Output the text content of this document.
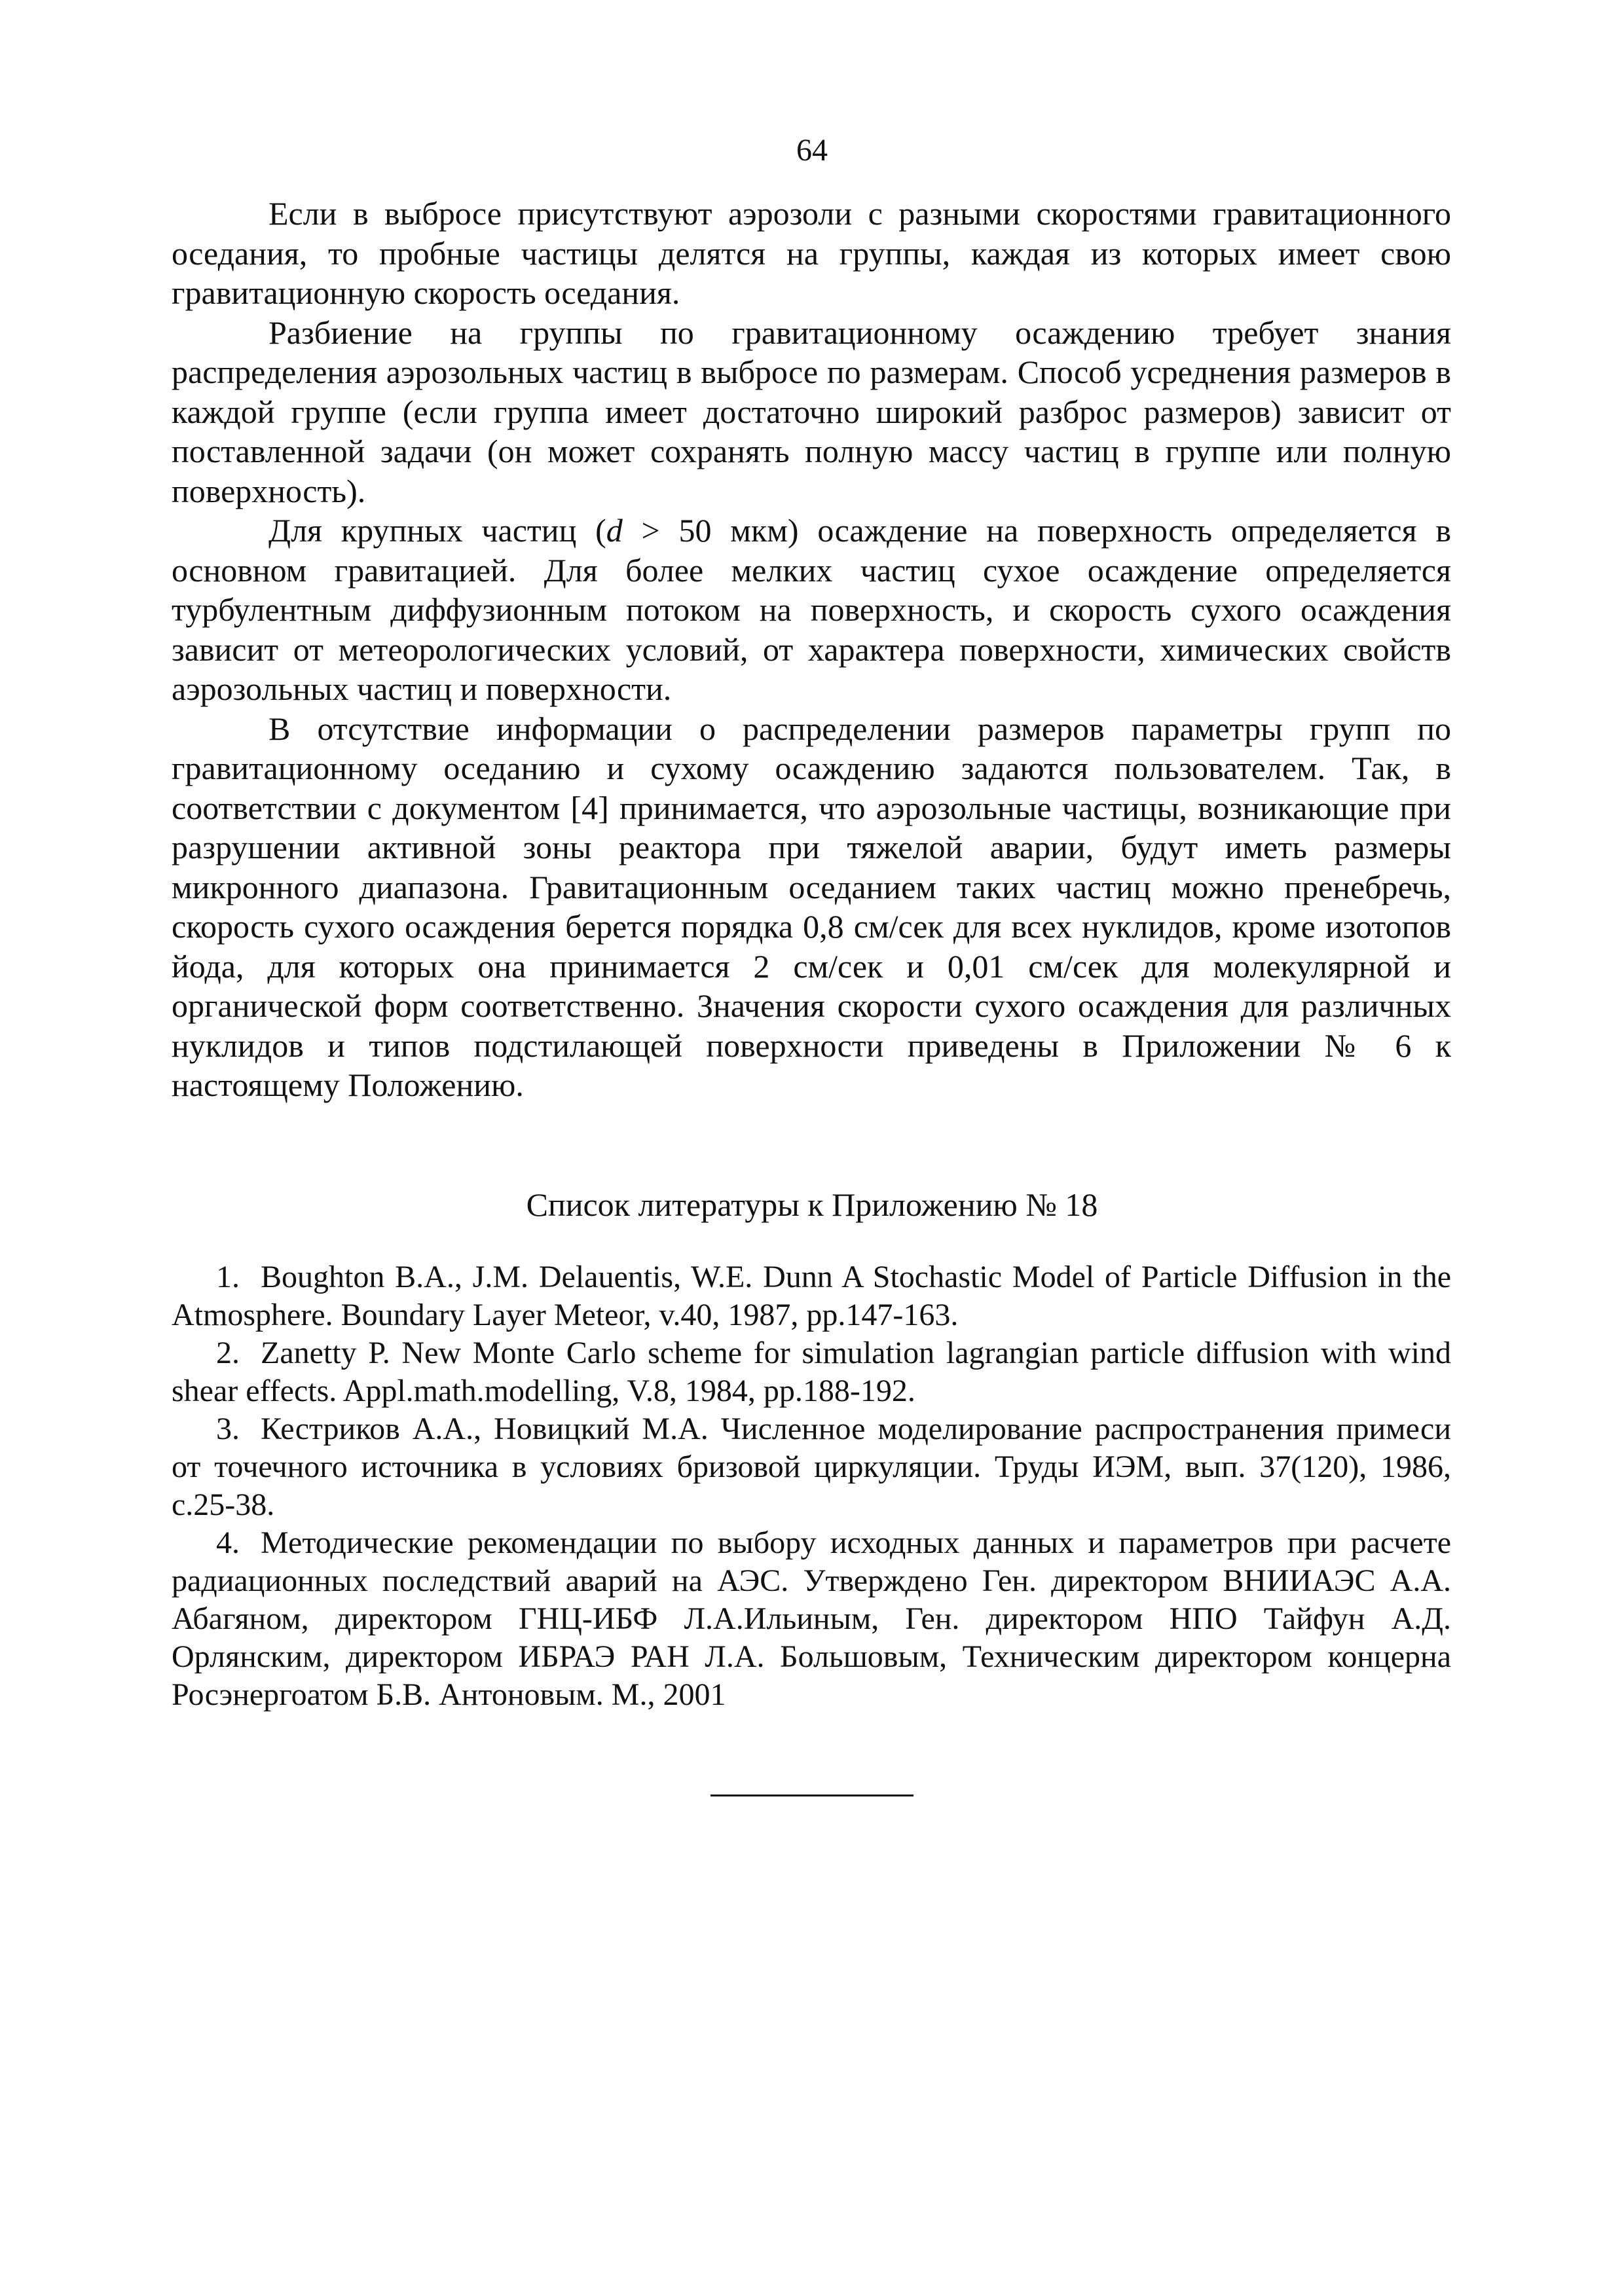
64

Если в выбросе присутствуют аэрозоли с разными скоростями гравитационного оседания, то пробные частицы делятся на группы, каждая из которых имеет свою гравитационную скорость оседания.

Разбиение на группы по гравитационному осаждению требует знания распределения аэрозольных частиц в выбросе по размерам. Способ усреднения размеров в каждой группе (если группа имеет достаточно широкий разброс размеров) зависит от поставленной задачи (он может сохранять полную массу частиц в группе или полную поверхность).

Для крупных частиц (d > 50 мкм) осаждение на поверхность определяется в основном гравитацией. Для более мелких частиц сухое осаждение определяется турбулентным диффузионным потоком на поверхность, и скорость сухого осаждения зависит от метеорологических условий, от характера поверхности, химических свойств аэрозольных частиц и поверхности.

В отсутствие информации о распределении размеров параметры групп по гравитационному оседанию и сухому осаждению задаются пользователем. Так, в соответствии с документом [4] принимается, что аэрозольные частицы, возникающие при разрушении активной зоны реактора при тяжелой аварии, будут иметь размеры микронного диапазона. Гравитационным оседанием таких частиц можно пренебречь, скорость сухого осаждения берется порядка 0,8 см/сек для всех нуклидов, кроме изотопов йода, для которых она принимается 2 см/сек и 0,01 см/сек для молекулярной и органической форм соответственно. Значения скорости сухого осаждения для различных нуклидов и типов подстилающей поверхности приведены в Приложении № 6 к настоящему Положению.

Список литературы к Приложению № 18

1. Boughton B.A., J.M. Delauentis, W.E. Dunn A Stochastic Model of Particle Diffusion in the Atmosphere. Boundary Layer Meteor, v.40, 1987, pp.147-163.

2. Zanetty P. New Monte Carlo scheme for simulation lagrangian particle diffusion with wind shear effects. Appl.math.modelling, V.8, 1984, pp.188-192.

3. Кестриков А.А., Новицкий М.А. Численное моделирование распространения примеси от точечного источника в условиях бризовой циркуляции. Труды ИЭМ, вып. 37(120), 1986, с.25-38.

4. Методические рекомендации по выбору исходных данных и параметров при расчете радиационных последствий аварий на АЭС. Утверждено Ген. директором ВНИИАЭС А.А. Абагяном, директором ГНЦ-ИБФ Л.А.Ильиным, Ген. директором НПО Тайфун А.Д. Орлянским, директором ИБРАЭ РАН Л.А. Большовым, Техническим директором концерна Росэнергоатом Б.В. Антоновым. М., 2001
